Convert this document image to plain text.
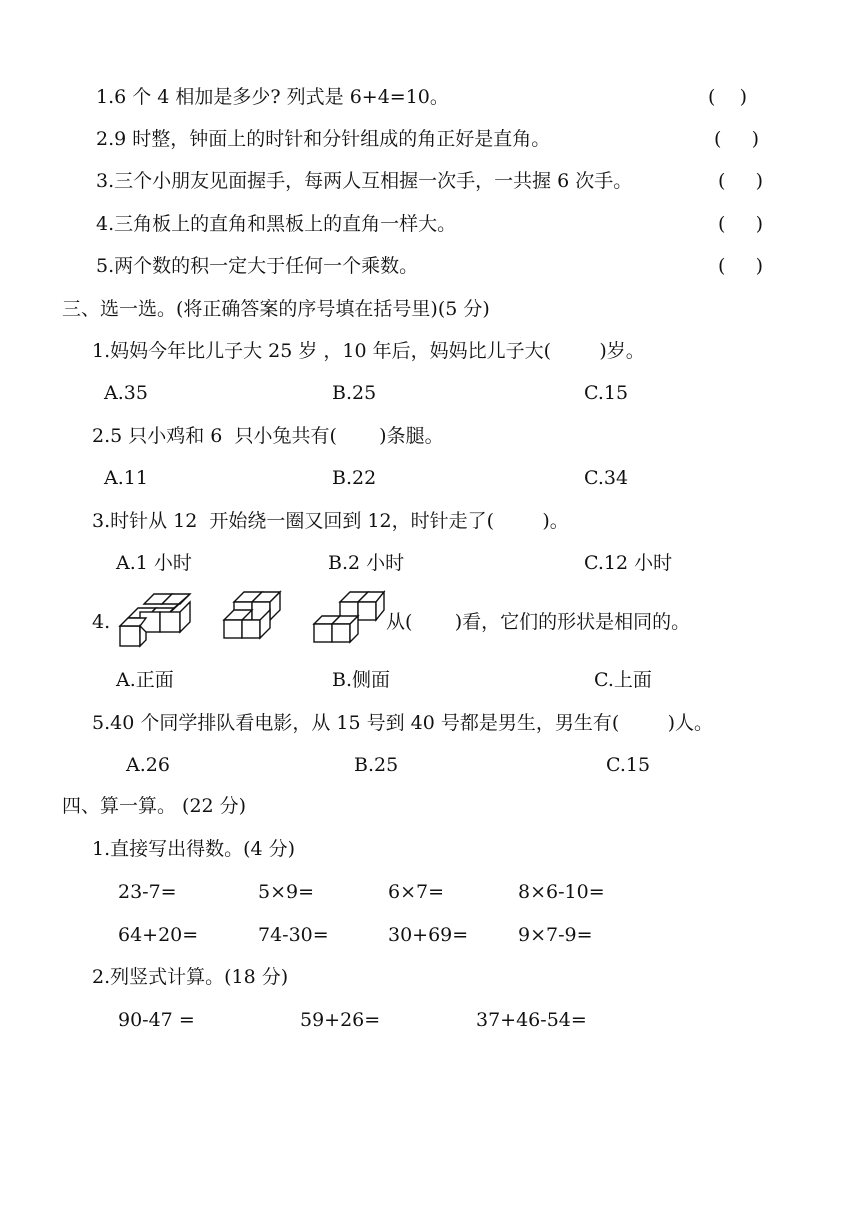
1.6 个 4 相加是多少? 列式是 6+4=10。	(    )
2.9 时整，钟面上的时针和分针组成的角正好是直角。	(     )
3.三个小朋友见面握手，每两人互相握一次手，一共握 6 次手。	(     )
4.三角板上的直角和黑板上的直角一样大。	(     )
5.两个数的积一定大于任何一个乘数。	(     )
三、选一选。(将正确答案的序号填在括号里)(5 分)
1.妈妈今年比儿子大 25 岁 ，10 年后，妈妈比儿子大(        )岁。
A.35	B.25	C.15
2.5 只小鸡和 6  只小兔共有(       )条腿。
A.11	B.22	C.34
3.时针从 12  开始绕一圈又回到 12，时针走了(        )。
A.1 小时	B.2 小时	C.12 小时
4.	从(       )看，它们的形状是相同的。
A.正面	B.侧面	C.上面
5.40 个同学排队看电影，从 15 号到 40 号都是男生，男生有(        )人。
A.26	B.25	C.15
四、算一算。 (22 分)
1.直接写出得数。(4 分)
23-7=	5×9=	6×7=	8×6-10=
64+20=	74-30=	30+69=	9×7-9=
2.列竖式计算。(18 分)
90-47 =	59+26=	37+46-54=
